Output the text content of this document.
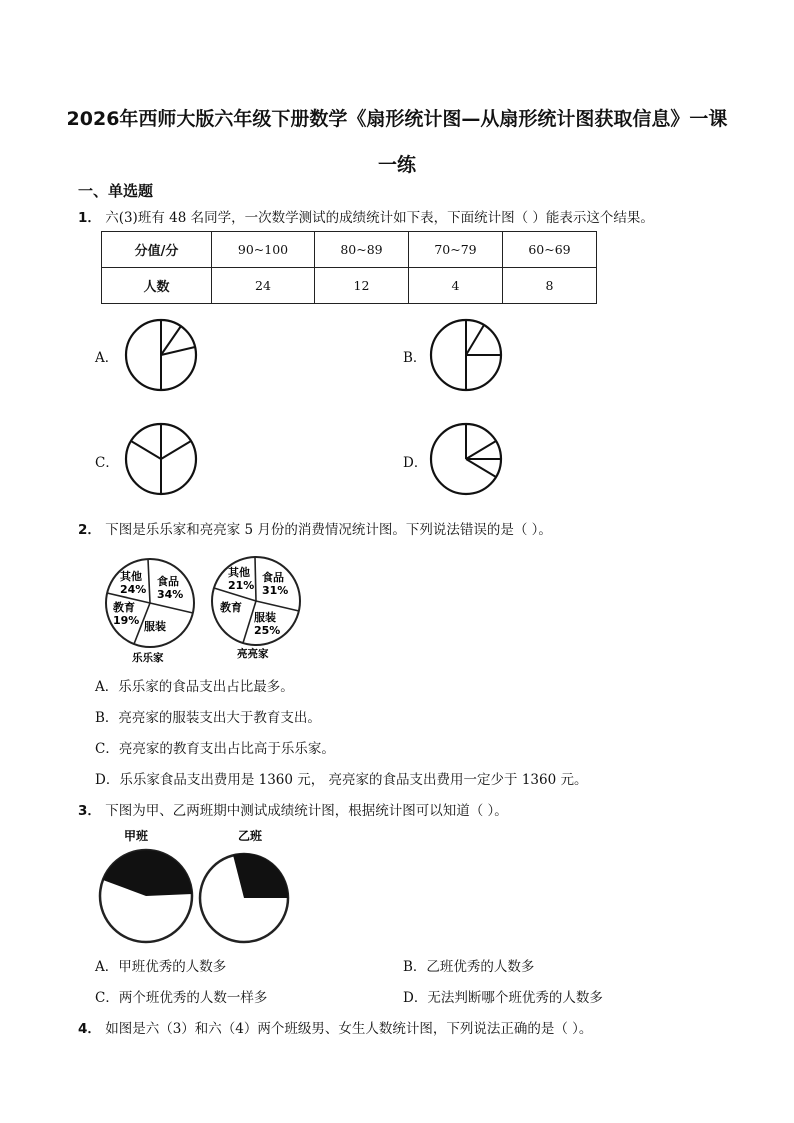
2026年西师大版六年级下册数学《扇形统计图—从扇形统计图获取信息》一课
一练
一、单选题
1． 六(3)班有 48 名同学，一次数学测试的成绩统计如下表，下面统计图（ ）能表示这个结果。
分值/分	90~100	80~89	70~79	60~69
人数	24	12	4	8
A．	B．
C．	D．
2． 下图是乐乐家和亮亮家 5 月份的消费情况统计图。下列说法错误的是（ ）。
其他
24%
食品
34%
教育
19% 服装
乐乐家
其他
21%
食品
31%
教育
服装
25%
亮亮家
A．乐乐家的食品支出占比最多。
B．亮亮家的服装支出大于教育支出。
C．亮亮家的教育支出占比高于乐乐家。
D．乐乐家食品支出费用是 1360 元， 亮亮家的食品支出费用一定少于 1360 元。
3． 下图为甲、乙两班期中测试成绩统计图，根据统计图可以知道（ ）。
甲班	乙班
A．甲班优秀的人数多	B．乙班优秀的人数多
C．两个班优秀的人数一样多	D．无法判断哪个班优秀的人数多
4． 如图是六（3）和六（4）两个班级男、女生人数统计图，下列说法正确的是（ ）。
